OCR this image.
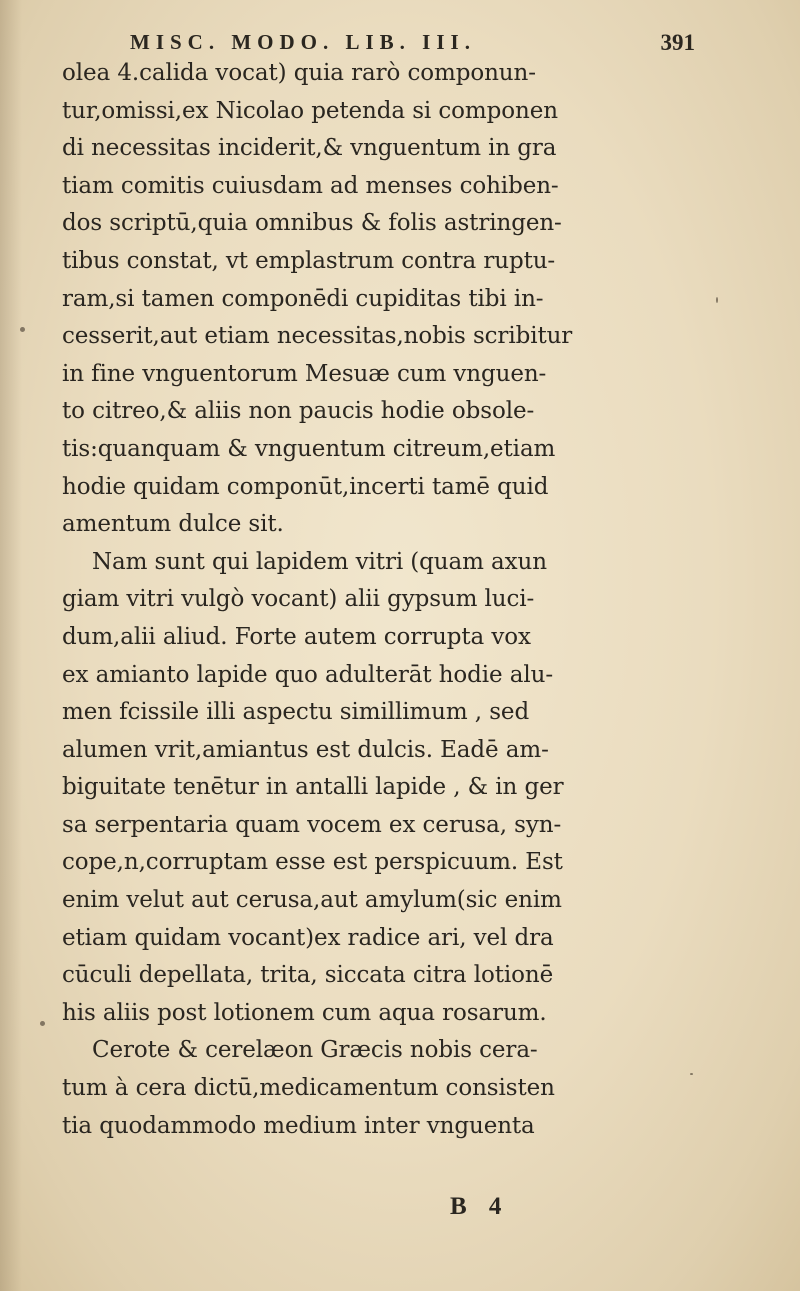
MISC. MODO. LIB. III.	391
olea 4.calida vocat) quia rarò componun-
tur,omissi,ex Nicolao petenda si componen
di necessitas inciderit,& vnguentum in gra
tiam comitis cuiusdam ad menses cohiben-
dos scriptū,quia omnibus & folis astringen-
tibus constat, vt emplastrum contra ruptu-
ram,si tamen componēdi cupiditas tibi in-
cesserit,aut etiam necessitas,nobis scribitur
in fine vnguentorum Mesuæ cum vnguen-
to citreo,& aliis non paucis hodie obsole-
tis:quanquam & vnguentum citreum,etiam
hodie quidam componūt,incerti tamē quid
amentum dulce sit.
Nam sunt qui lapidem vitri (quam axun
giam vitri vulgò vocant) alii gypsum luci-
dum,alii aliud. Forte autem corrupta vox
ex amianto lapide quo adulterāt hodie alu-
men fcissile illi aspectu simillimum , sed
alumen vrit,amiantus est dulcis. Eadē am-
biguitate tenētur in antalli lapide , & in ger
sa serpentaria quam vocem ex cerusa, syn-
cope,n,corruptam esse est perspicuum. Est
enim velut aut cerusa,aut amylum(sic enim
etiam quidam vocant)ex radice ari, vel dra
cūculi depellata, trita, siccata citra lotionē
his aliis post lotionem cum aqua rosarum.
Cerote & cerelæon Græcis nobis cera-
tum à cera dictū,medicamentum consisten
tia quodammodo medium inter vnguenta
B 4
